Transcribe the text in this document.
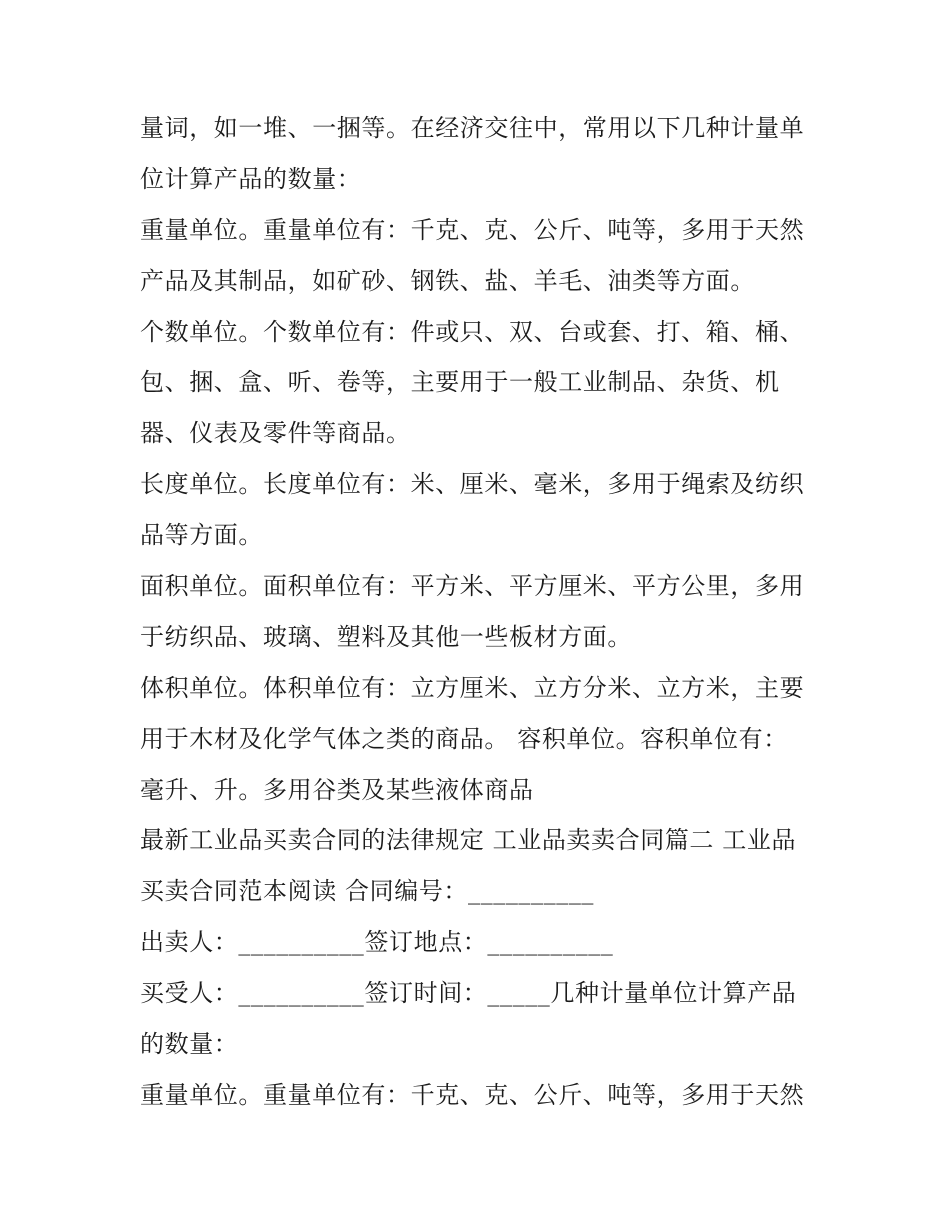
量词，如一堆、一捆等。在经济交往中，常用以下几种计量单
位计算产品的数量：
重量单位。重量单位有：千克、克、公斤、吨等，多用于天然
产品及其制品，如矿砂、钢铁、盐、羊毛、油类等方面。
个数单位。个数单位有：件或只、双、台或套、打、箱、桶、
包、捆、盒、听、卷等，主要用于一般工业制品、杂货、机
器、仪表及零件等商品。
长度单位。长度单位有：米、厘米、毫米，多用于绳索及纺织
品等方面。
面积单位。面积单位有：平方米、平方厘米、平方公里，多用
于纺织品、玻璃、塑料及其他一些板材方面。
体积单位。体积单位有：立方厘米、立方分米、立方米，主要
用于木材及化学气体之类的商品。 容积单位。容积单位有：
毫升、升。多用谷类及某些液体商品
最新工业品买卖合同的法律规定 工业品卖卖合同篇二 工业品
买卖合同范本阅读 合同编号：__________
出卖人：__________签订地点：__________
买受人：__________签订时间：_____几种计量单位计算产品
的数量：
重量单位。重量单位有：千克、克、公斤、吨等，多用于天然
